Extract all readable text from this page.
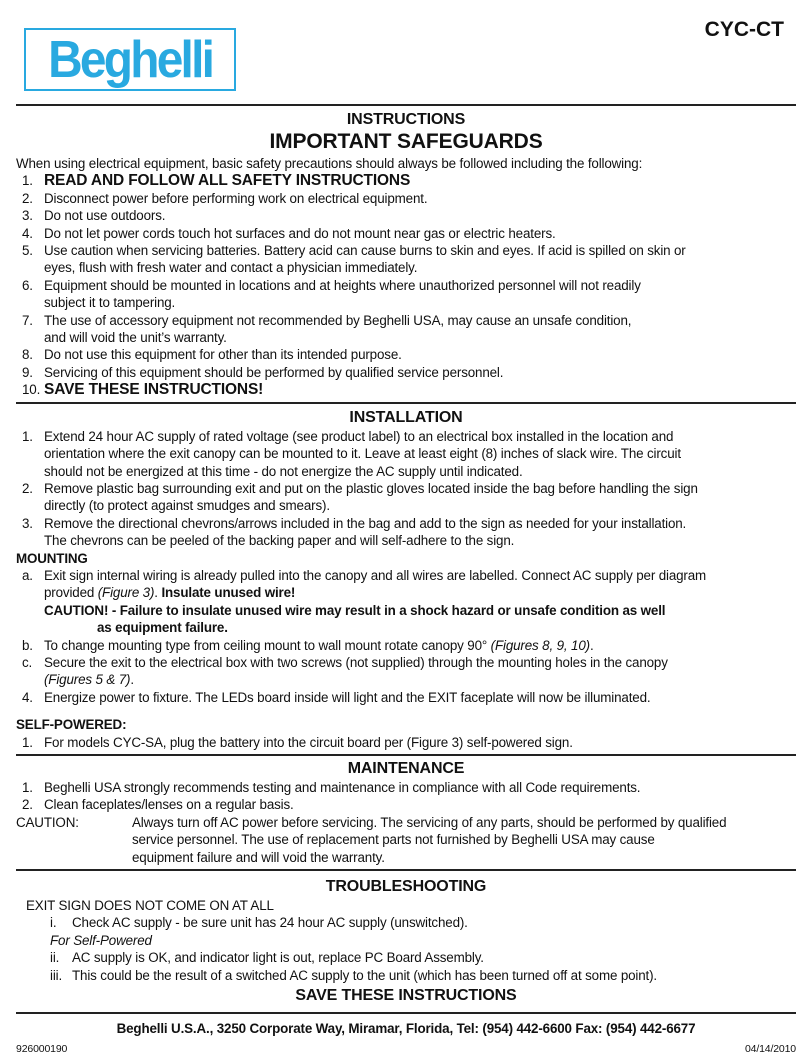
Beghelli
CYC-CT
INSTRUCTIONS
IMPORTANT SAFEGUARDS
When using electrical equipment, basic safety precautions should always be followed including the following:
1. READ AND FOLLOW ALL SAFETY INSTRUCTIONS
2. Disconnect power before performing work on electrical equipment.
3. Do not use outdoors.
4. Do not let power cords touch hot surfaces and do not mount near gas or electric heaters.
5. Use caution when servicing batteries. Battery acid can cause burns to skin and eyes. If acid is spilled on skin or
eyes, flush with fresh water and contact a physician immediately.
6. Equipment should be mounted in locations and at heights where unauthorized personnel will not readily
subject it to tampering.
7. The use of accessory equipment not recommended by Beghelli USA, may cause an unsafe condition,
and will void the unit’s warranty.
8. Do not use this equipment for other than its intended purpose.
9. Servicing of this equipment should be performed by qualified service personnel.
10. SAVE THESE INSTRUCTIONS!
INSTALLATION
1. Extend 24 hour AC supply of rated voltage (see product label) to an electrical box installed in the location and
orientation where the exit canopy can be mounted to it. Leave at least eight (8) inches of slack wire. The circuit
should not be energized at this time - do not energize the AC supply until indicated.
2. Remove plastic bag surrounding exit and put on the plastic gloves located inside the bag before handling the sign
directly (to protect against smudges and smears).
3. Remove the directional chevrons/arrows included in the bag and add to the sign as needed for your installation.
The chevrons can be peeled of the backing paper and will self-adhere to the sign.
MOUNTING
a. Exit sign internal wiring is already pulled into the canopy and all wires are labelled. Connect AC supply per diagram
provided (Figure 3). Insulate unused wire!
CAUTION! - Failure to insulate unused wire may result in a shock hazard or unsafe condition as well
as equipment failure.
b. To change mounting type from ceiling mount to wall mount rotate canopy 90° (Figures 8, 9, 10).
c. Secure the exit to the electrical box with two screws (not supplied) through the mounting holes in the canopy
(Figures 5 & 7).
4. Energize power to fixture. The LEDs board inside will light and the EXIT faceplate will now be illuminated.
SELF-POWERED:
1. For models CYC-SA, plug the battery into the circuit board per (Figure 3) self-powered sign.
MAINTENANCE
1. Beghelli USA strongly recommends testing and maintenance in compliance with all Code requirements.
2. Clean faceplates/lenses on a regular basis.
CAUTION:	Always turn off AC power before servicing. The servicing of any parts, should be performed by qualified
service personnel. The use of replacement parts not furnished by Beghelli USA may cause
equipment failure and will void the warranty.
TROUBLESHOOTING
EXIT SIGN DOES NOT COME ON AT ALL
i.	Check AC supply - be sure unit has 24 hour AC supply (unswitched).
For Self-Powered
ii. AC supply is OK, and indicator light is out, replace PC Board Assembly.
iii. This could be the result of a switched AC supply to the unit (which has been turned off at some point).
SAVE THESE INSTRUCTIONS
Beghelli U.S.A., 3250 Corporate Way, Miramar, Florida, Tel: (954) 442-6600 Fax: (954) 442-6677
926000190	04/14/2010
